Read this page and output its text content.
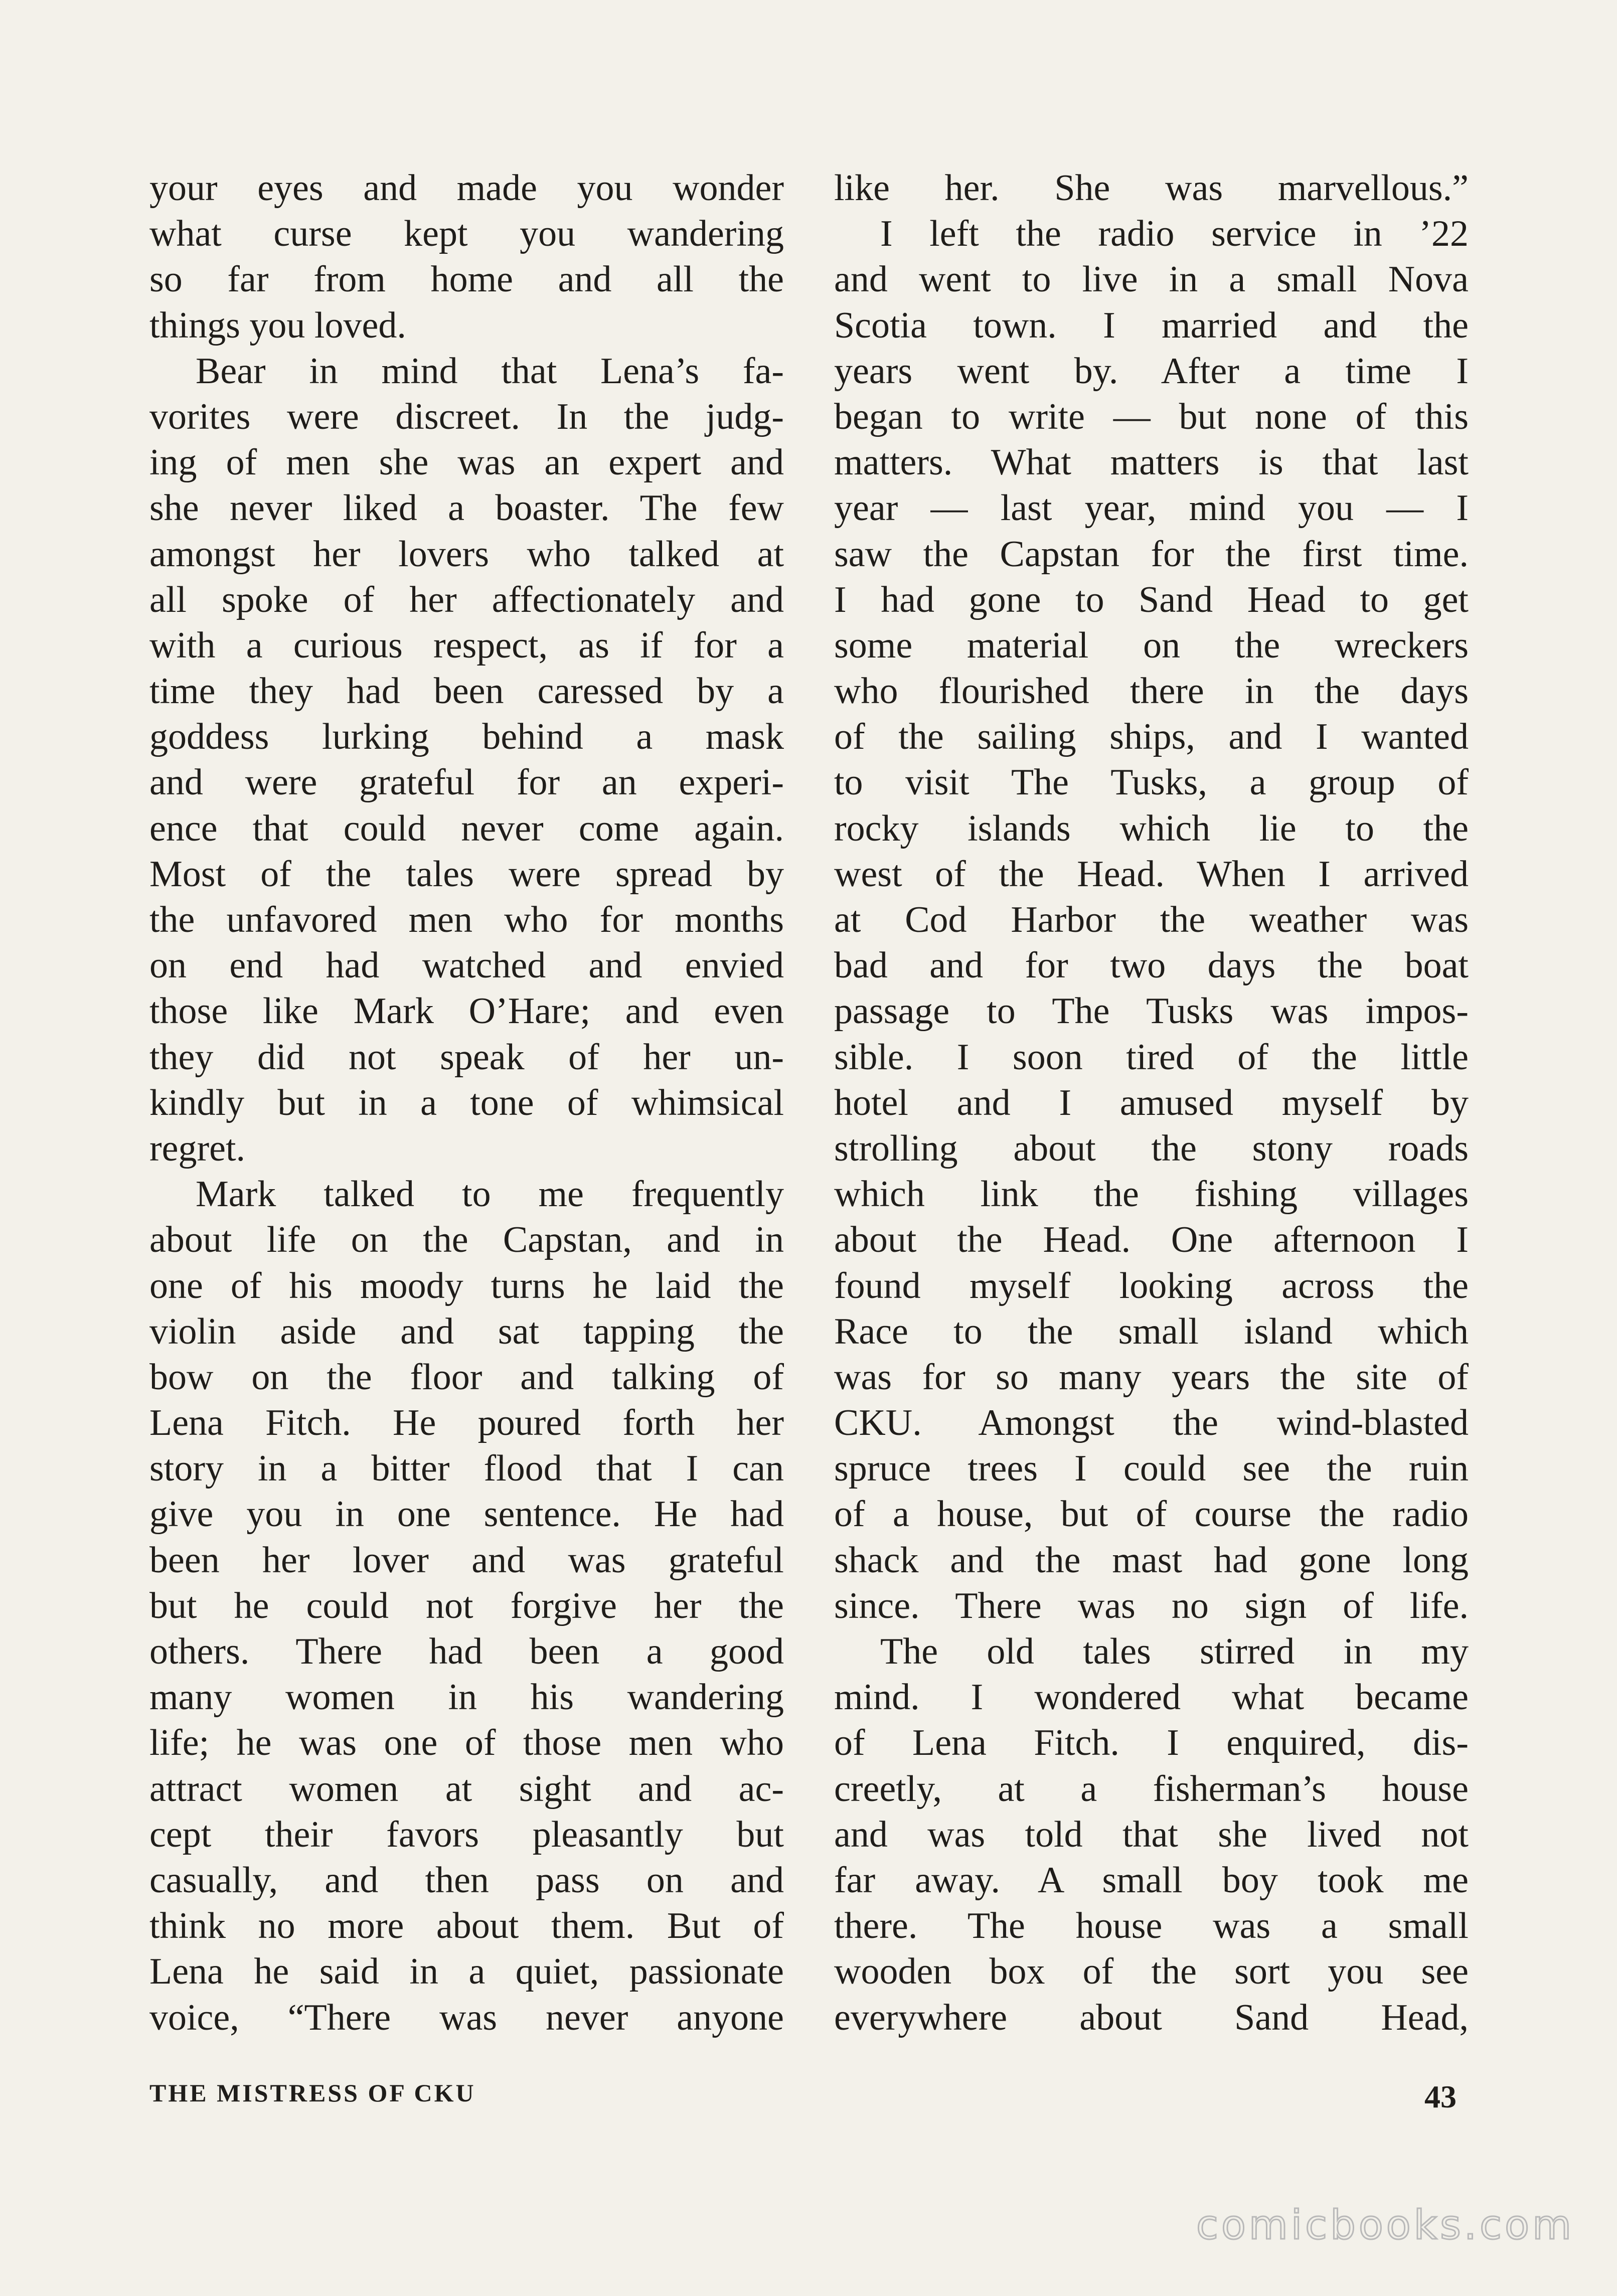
your eyes and made you wonder
what curse kept you wandering
so far from home and all the
things you loved.
Bear in mind that Lena’s fa-
vorites were discreet. In the judg-
ing of men she was an expert and
she never liked a boaster. The few
amongst her lovers who talked at
all spoke of her affectionately and
with a curious respect, as if for a
time they had been caressed by a
goddess lurking behind a mask
and were grateful for an experi-
ence that could never come again.
Most of the tales were spread by
the unfavored men who for months
on end had watched and envied
those like Mark O’Hare; and even
they did not speak of her un-
kindly but in a tone of whimsical
regret.
Mark talked to me frequently
about life on the Capstan, and in
one of his moody turns he laid the
violin aside and sat tapping the
bow on the floor and talking of
Lena Fitch. He poured forth her
story in a bitter flood that I can
give you in one sentence. He had
been her lover and was grateful
but he could not forgive her the
others. There had been a good
many women in his wandering
life; he was one of those men who
attract women at sight and ac-
cept their favors pleasantly but
casually, and then pass on and
think no more about them. But of
Lena he said in a quiet, passionate
voice, “There was never anyone
like her. She was marvellous.”
I left the radio service in ’22
and went to live in a small Nova
Scotia town. I married and the
years went by. After a time I
began to write — but none of this
matters. What matters is that last
year — last year, mind you — I
saw the Capstan for the first time.
I had gone to Sand Head to get
some material on the wreckers
who flourished there in the days
of the sailing ships, and I wanted
to visit The Tusks, a group of
rocky islands which lie to the
west of the Head. When I arrived
at Cod Harbor the weather was
bad and for two days the boat
passage to The Tusks was impos-
sible. I soon tired of the little
hotel and I amused myself by
strolling about the stony roads
which link the fishing villages
about the Head. One afternoon I
found myself looking across the
Race to the small island which
was for so many years the site of
CKU. Amongst the wind-blasted
spruce trees I could see the ruin
of a house, but of course the radio
shack and the mast had gone long
since. There was no sign of life.
The old tales stirred in my
mind. I wondered what became
of Lena Fitch. I enquired, dis-
creetly, at a fisherman’s house
and was told that she lived not
far away. A small boy took me
there. The house was a small
wooden box of the sort you see
everywhere about Sand Head,
THE MISTRESS OF CKU	43
comicbooks.com
